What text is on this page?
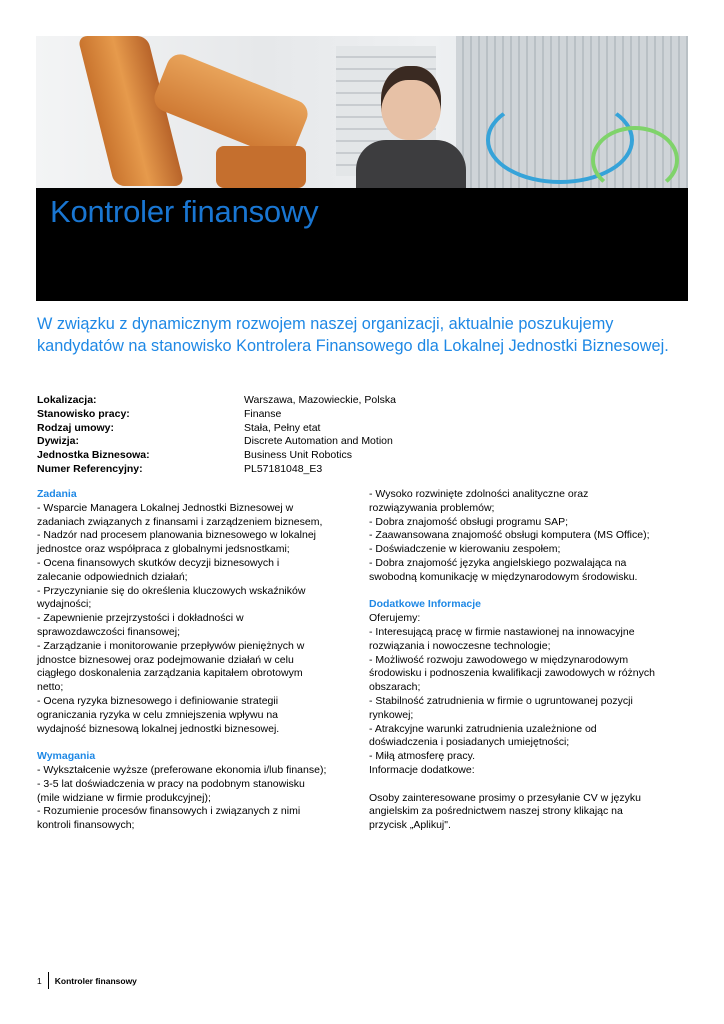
Kontroler finansowy

W związku z dynamicznym rozwojem naszej organizacji, aktualnie poszukujemy kandydatów na stanowisko Kontrolera Finansowego dla Lokalnej Jednostki Biznesowej.

Lokalizacja:	Warszawa, Mazowieckie, Polska
Stanowisko pracy:	Finanse
Rodzaj umowy:	Stała, Pełny etat
Dywizja:	Discrete Automation and Motion
Jednostka Biznesowa:	Business Unit Robotics
Numer Referencyjny:	PL57181048_E3

Zadania

- Wsparcie Managera Lokalnej Jednostki Biznesowej w
zadaniach związanych z finansami i zarządzeniem biznesem,
- Nadzór nad procesem planowania biznesowego w lokalnej
jednostce oraz współpraca z globalnymi jedsnostkami;
- Ocena finansowych skutków decyzji biznesowych i
zalecanie odpowiednich działań;
- Przyczynianie się do określenia kluczowych wskaźników
wydajności;
- Zapewnienie przejrzystości i dokładności w
sprawozdawczości finansowej;
- Zarządzanie i monitorowanie przepływów pieniężnych w
jdnostce biznesowej oraz podejmowanie działań w celu
ciągłego doskonalenia zarządzania kapitałem obrotowym
netto;
- Ocena ryzyka biznesowego i definiowanie strategii
ograniczania ryzyka w celu zmniejszenia wpływu na
wydajność biznesową lokalnej jednostki biznesowej.

Wymagania

- Wykształcenie wyższe (preferowane ekonomia i/lub finanse);
- 3-5 lat doświadczenia w pracy na podobnym stanowisku
(mile widziane w firmie produkcyjnej);
- Rozumienie procesów finansowych i związanych z nimi
kontroli finansowych;
- Wysoko rozwinięte zdolności analityczne oraz
rozwiązywania problemów;
- Dobra znajomość obsługi programu SAP;
- Zaawansowana znajomość obsługi komputera (MS Office);
- Doświadczenie w kierowaniu zespołem;
- Dobra znajomość języka angielskiego pozwalająca na
swobodną komunikację w międzynarodowym środowisku.

Dodatkowe Informacje

Oferujemy:
- Interesującą pracę w firmie nastawionej na innowacyjne
rozwiązania i nowoczesne technologie;
- Możliwość rozwoju zawodowego w międzynarodowym
środowisku i podnoszenia kwalifikacji zawodowych w różnych
obszarach;
- Stabilność zatrudnienia w firmie o ugruntowanej pozycji
rynkowej;
- Atrakcyjne warunki zatrudnienia uzależnione od
doświadczenia i posiadanych umiejętności;
- Miłą atmosferę pracy.
Informacje dodatkowe:
Osoby zainteresowane prosimy o przesyłanie CV w języku
angielskim za pośrednictwem naszej strony klikając na
przycisk „Aplikuj".
1	Kontroler finansowy
